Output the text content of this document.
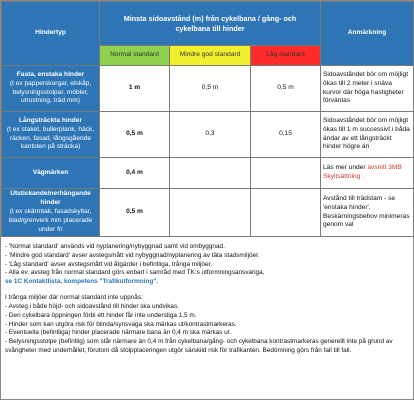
Hindertyp	Minsta sidoavstånd (m) från cykelbana / gång- och cykelbana till hinder			Anmärkning
	Normal standard	Mindre god standard	Låg standard	
Fasta, enstaka hinder
(t ex papperskorgar, elskåp, belysningsstolpar, möbler, utrustning, träd mm)	1 m	0,5 m	0,5 m	Sidoavståndet bör om möjligt ökas till 2 meter i snäva kurvor där höga hastigheter förväntas
Långsträckta hinder
(t ex staket, bullerplank, häck, räcken, fasad, långsgående kantsten på sträcka)	0,5 m	0,3	0,15	Sidoavståndet bör om möjligt ökas till 1 m successivt i båda ändar av ett långsträckt hinder högre än
Vägmärken	0,4 m			Läs mer under avsnitt 3MB Skyltsättning .
Utstickande/nerhängande hinder
(t ex skärmtak, fasadskyltar, blad/grenverk mm placerade under fri	0,5 m			Avstånd till trädstam - se 'enstaka hinder'. Beskärningsbehov minimeras genom val

- 'Normal standard' används vid nyplanering/nybyggnad samt vid ombyggnad.

- 'Mindre god standard' avser avstegsmått vid nybyggnad/nyplanering av täta stadsmiljöer.

- 'Låg standard' avser avstegsmått vid åtgärder i befintliga, trånga miljöer.

- Alla ev. avsteg från normal standard görs enbart i samråd med TK:s utformningsansvariga,

se 1C Kontaktlista, kompetens "Trafikutformning".

I trånga miljöer där normal standard inte uppnås:

- Avsteg i både höjd- och sidoavstånd till hinder ska undvikas.

- Den cykelbara öppningen förbi ett hinder får inte understiga 1,5 m.

- Hinder som kan utgöra risk för blinda/synsvaga ska märkas ut/kontrastmarkeras.

- Eventuella (befintliga) hinder placerade närmare bana än 0,4 m ska märkas ut.

- Belysningsstolpe (befintlig) som står närmare än 0,4 m från cykelbana/gång- och cykelbana kontrastmarkeras generellt inte på grund av svårigheter med underhållet, förutom då stolpplaceringen utgör särskild risk för trafikanten. Bedömning görs från fall till fall.
